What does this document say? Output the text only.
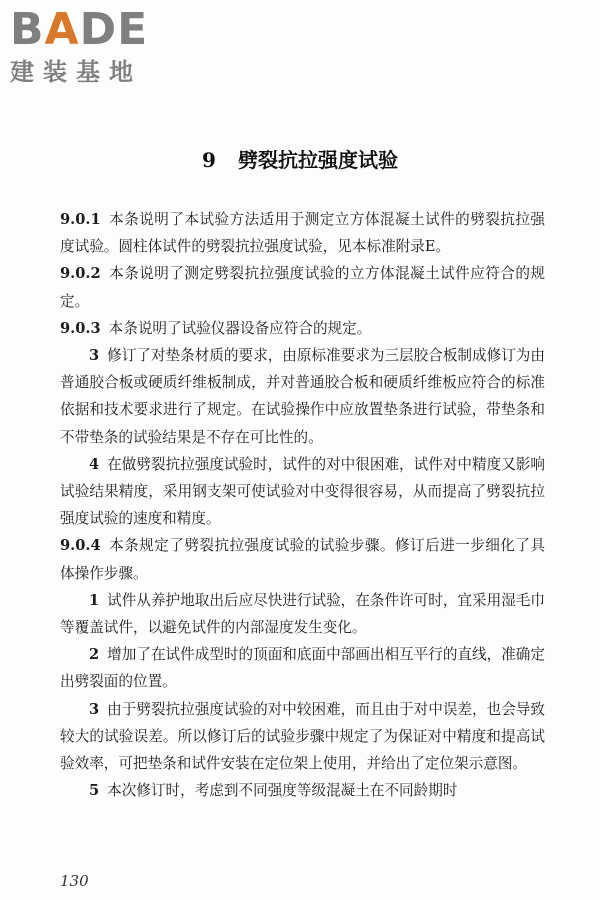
BADE
建装基地
9 劈裂抗拉强度试验

9.0.1 本条说明了本试验方法适用于测定立方体混凝土试件的劈裂抗拉强度试验。圆柱体试件的劈裂抗拉强度试验，见本标准附录E。

9.0.2 本条说明了测定劈裂抗拉强度试验的立方体混凝土试件应符合的规定。

9.0.3 本条说明了试验仪器设备应符合的规定。

3 修订了对垫条材质的要求，由原标准要求为三层胶合板制成修订为由普通胶合板或硬质纤维板制成，并对普通胶合板和硬质纤维板应符合的标准依据和技术要求进行了规定。在试验操作中应放置垫条进行试验，带垫条和不带垫条的试验结果是不存在可比性的。

4 在做劈裂抗拉强度试验时，试件的对中很困难，试件对中精度又影响试验结果精度，采用钢支架可使试验对中变得很容易，从而提高了劈裂抗拉强度试验的速度和精度。

9.0.4 本条规定了劈裂抗拉强度试验的试验步骤。修订后进一步细化了具体操作步骤。

1 试件从养护地取出后应尽快进行试验，在条件许可时，宜采用湿毛巾等覆盖试件，以避免试件的内部湿度发生变化。

2 增加了在试件成型时的顶面和底面中部画出相互平行的直线，准确定出劈裂面的位置。

3 由于劈裂抗拉强度试验的对中较困难，而且由于对中误差，也会导致较大的试验误差。所以修订后的试验步骤中规定了为保证对中精度和提高试验效率，可把垫条和试件安装在定位架上使用，并给出了定位架示意图。

5 本次修订时，考虑到不同强度等级混凝土在不同龄期时

130
